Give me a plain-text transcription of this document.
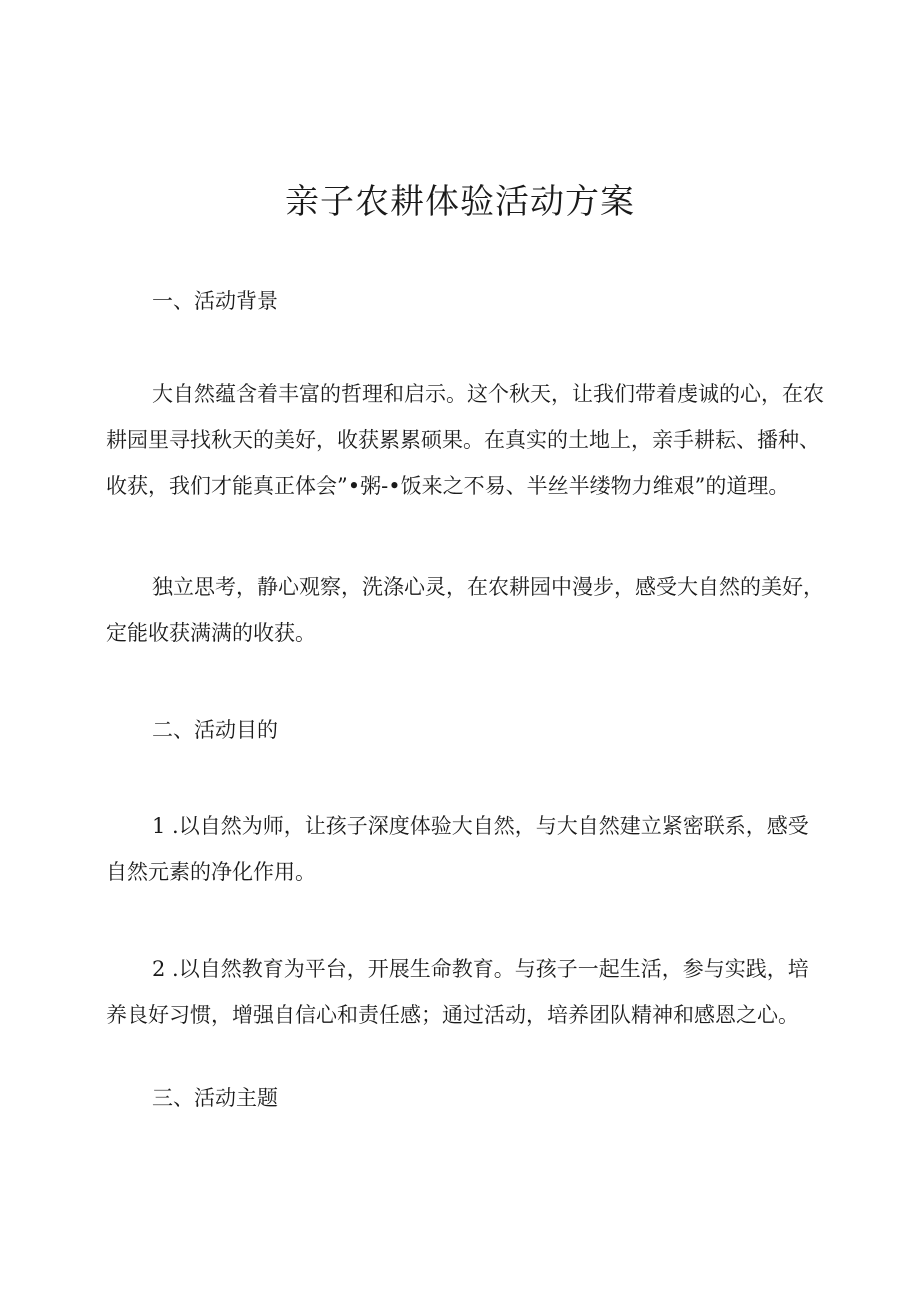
亲子农耕体验活动方案
一、活动背景

大自然蕴含着丰富的哲理和启示。这个秋天，让我们带着虔诚的心，在农耕园里寻找秋天的美好，收获累累硕果。在真实的土地上，亲手耕耘、播种、收获，我们才能真正体会”•粥-•饭来之不易、半丝半缕物力维艰”的道理。

独立思考，静心观察，洗涤心灵，在农耕园中漫步，感受大自然的美好，定能收获满满的收获。

二、活动目的

1 .以自然为师，让孩子深度体验大自然，与大自然建立紧密联系，感受自然元素的净化作用。

2 .以自然教育为平台，开展生命教育。与孩子一起生活，参与实践，培养良好习惯，增强自信心和责任感；通过活动，培养团队精神和感恩之心。

三、活动主题
